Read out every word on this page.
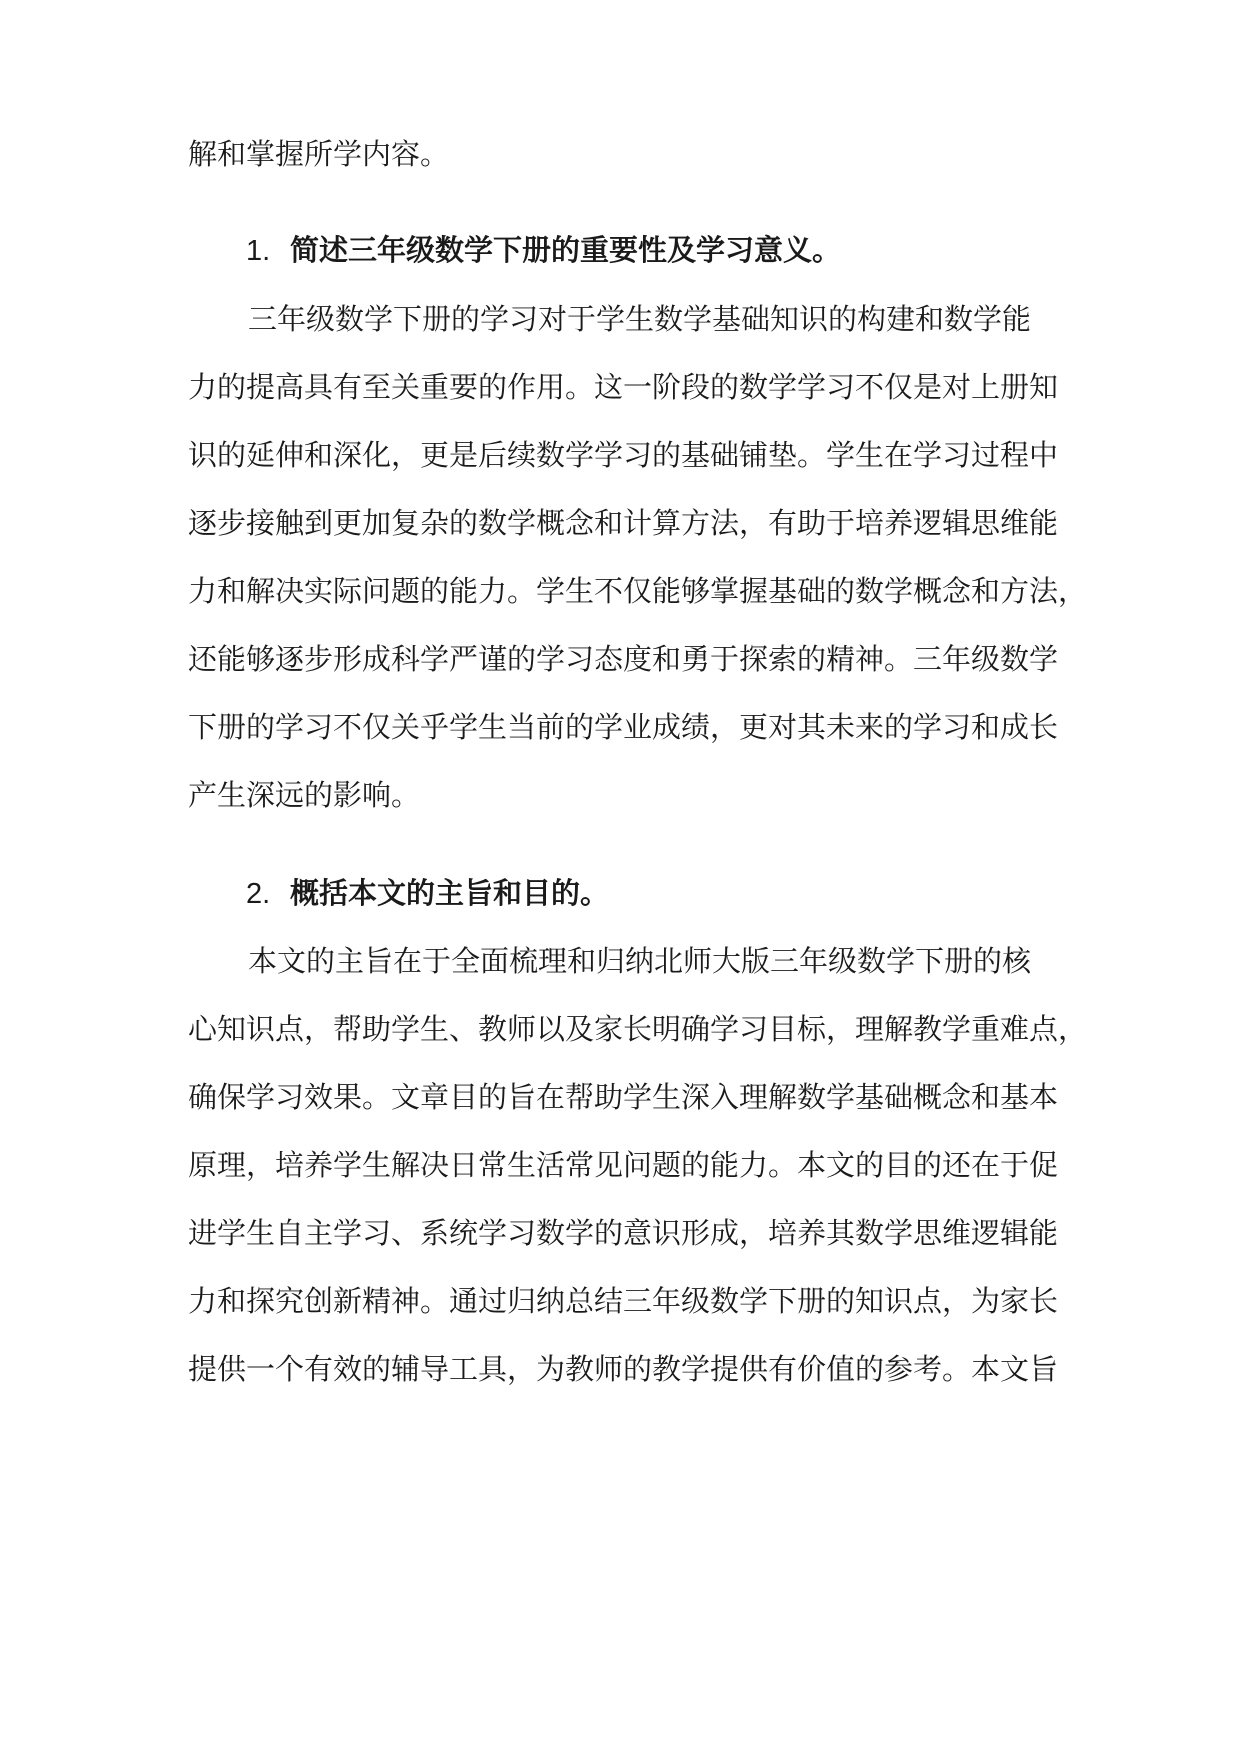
解和掌握所学内容。
1. 简述三年级数学下册的重要性及学习意义。
三年级数学下册的学习对于学生数学基础知识的构建和数学能
力的提高具有至关重要的作用。这一阶段的数学学习不仅是对上册知
识的延伸和深化，更是后续数学学习的基础铺垫。学生在学习过程中
逐步接触到更加复杂的数学概念和计算方法，有助于培养逻辑思维能
力和解决实际问题的能力。学生不仅能够掌握基础的数学概念和方法，
还能够逐步形成科学严谨的学习态度和勇于探索的精神。三年级数学
下册的学习不仅关乎学生当前的学业成绩，更对其未来的学习和成长
产生深远的影响。
2. 概括本文的主旨和目的。
本文的主旨在于全面梳理和归纳北师大版三年级数学下册的核
心知识点，帮助学生、教师以及家长明确学习目标，理解教学重难点，
确保学习效果。文章目的旨在帮助学生深入理解数学基础概念和基本
原理，培养学生解决日常生活常见问题的能力。本文的目的还在于促
进学生自主学习、系统学习数学的意识形成，培养其数学思维逻辑能
力和探究创新精神。通过归纳总结三年级数学下册的知识点，为家长
提供一个有效的辅导工具，为教师的教学提供有价值的参考。本文旨
